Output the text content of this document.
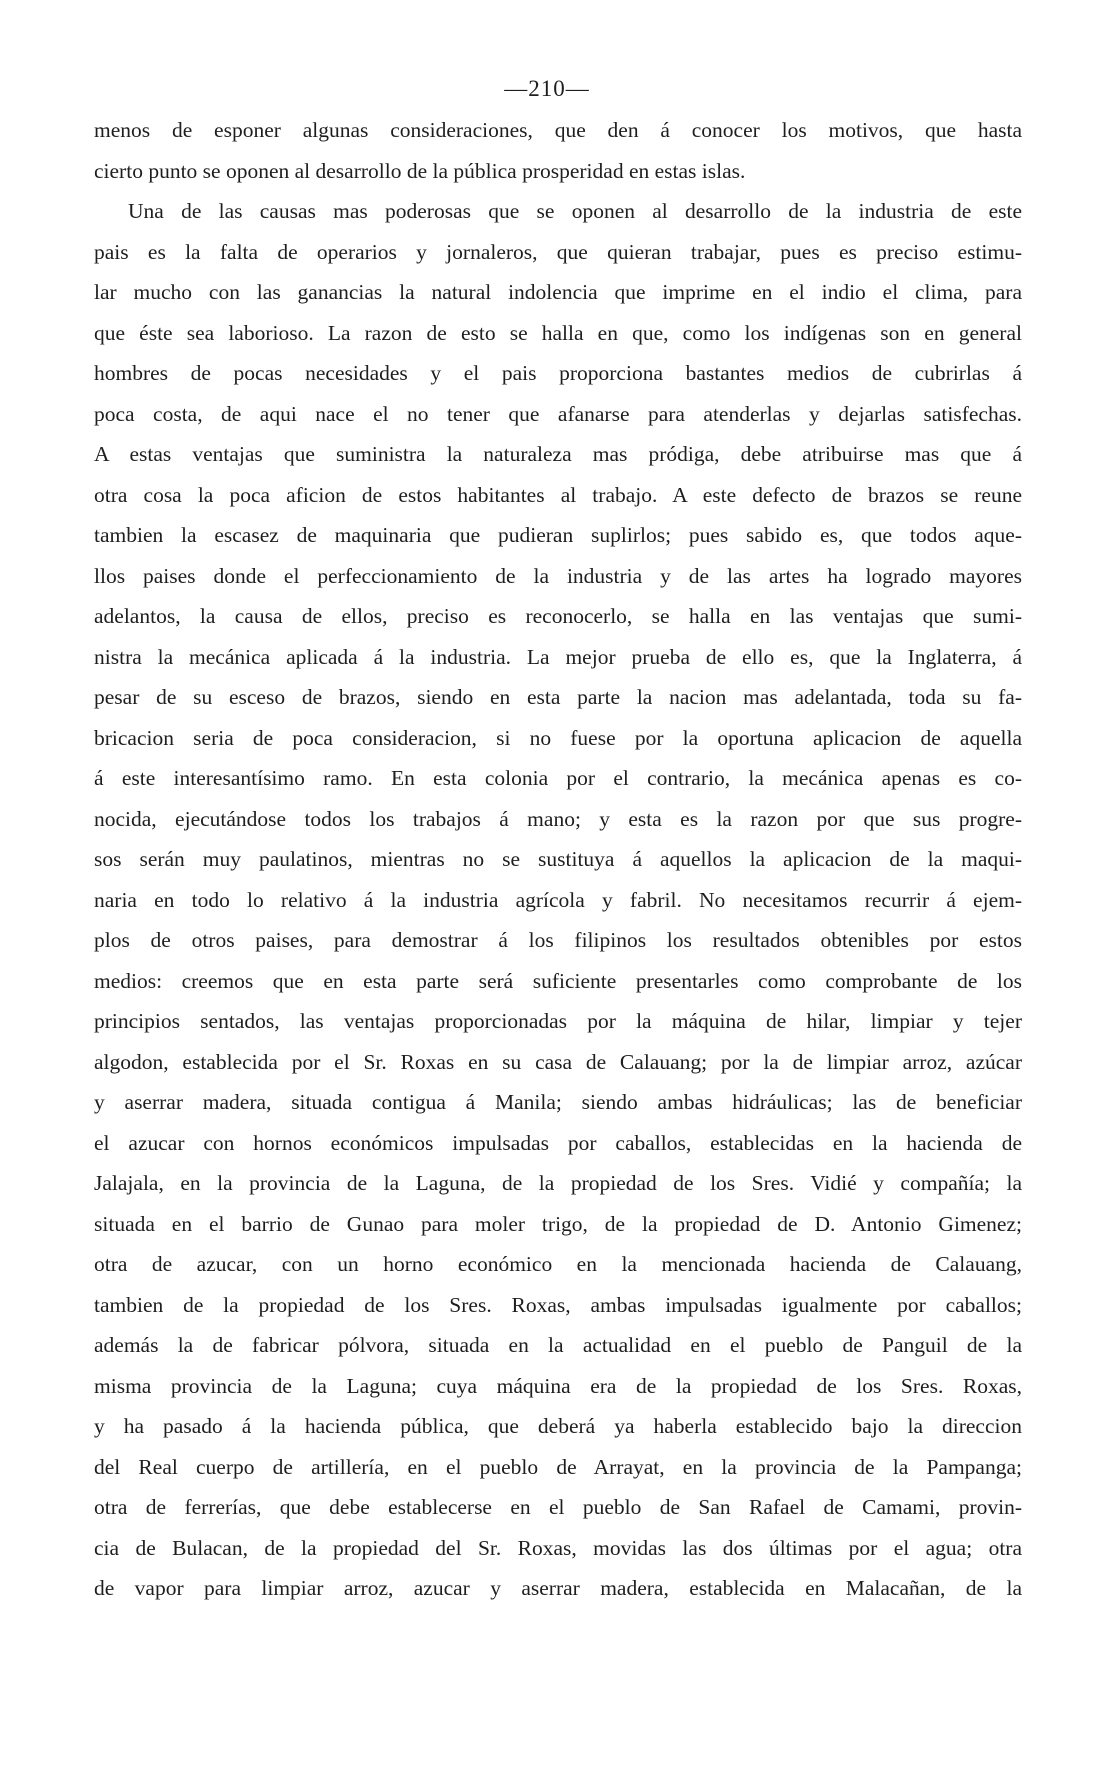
—210—
menos de esponer algunas consideraciones, que den á conocer los motivos, que hasta
cierto punto se oponen al desarrollo de la pública prosperidad en estas islas.
Una de las causas mas poderosas que se oponen al desarrollo de la industria de este
pais es la falta de operarios y jornaleros, que quieran trabajar, pues es preciso estimu-
lar mucho con las ganancias la natural indolencia que imprime en el indio el clima, para
que éste sea laborioso. La razon de esto se halla en que, como los indígenas son en general
hombres de pocas necesidades y el pais proporciona bastantes medios de cubrirlas á
poca costa, de aqui nace el no tener que afanarse para atenderlas y dejarlas satisfechas.
A estas ventajas que suministra la naturaleza mas pródiga, debe atribuirse mas que á
otra cosa la poca aficion de estos habitantes al trabajo. A este defecto de brazos se reune
tambien la escasez de maquinaria que pudieran suplirlos; pues sabido es, que todos aque-
llos paises donde el perfeccionamiento de la industria y de las artes ha logrado mayores
adelantos, la causa de ellos, preciso es reconocerlo, se halla en las ventajas que sumi-
nistra la mecánica aplicada á la industria. La mejor prueba de ello es, que la Inglaterra, á
pesar de su esceso de brazos, siendo en esta parte la nacion mas adelantada, toda su fa-
bricacion seria de poca consideracion, si no fuese por la oportuna aplicacion de aquella
á este interesantísimo ramo. En esta colonia por el contrario, la mecánica apenas es co-
nocida, ejecutándose todos los trabajos á mano; y esta es la razon por que sus progre-
sos serán muy paulatinos, mientras no se sustituya á aquellos la aplicacion de la maqui-
naria en todo lo relativo á la industria agrícola y fabril. No necesitamos recurrir á ejem-
plos de otros paises, para demostrar á los filipinos los resultados obtenibles por estos
medios: creemos que en esta parte será suficiente presentarles como comprobante de los
principios sentados, las ventajas proporcionadas por la máquina de hilar, limpiar y tejer
algodon, establecida por el Sr. Roxas en su casa de Calauang; por la de limpiar arroz, azúcar
y aserrar madera, situada contigua á Manila; siendo ambas hidráulicas; las de beneficiar
el azucar con hornos económicos impulsadas por caballos, establecidas en la hacienda de
Jalajala, en la provincia de la Laguna, de la propiedad de los Sres. Vidié y compañía; la
situada en el barrio de Gunao para moler trigo, de la propiedad de D. Antonio Gimenez;
otra de azucar, con un horno económico en la mencionada hacienda de Calauang,
tambien de la propiedad de los Sres. Roxas, ambas impulsadas igualmente por caballos;
además la de fabricar pólvora, situada en la actualidad en el pueblo de Panguil de la
misma provincia de la Laguna; cuya máquina era de la propiedad de los Sres. Roxas,
y ha pasado á la hacienda pública, que deberá ya haberla establecido bajo la direccion
del Real cuerpo de artillería, en el pueblo de Arrayat, en la provincia de la Pampanga;
otra de ferrerías, que debe establecerse en el pueblo de San Rafael de Camami, provin-
cia de Bulacan, de la propiedad del Sr. Roxas, movidas las dos últimas por el agua; otra
de vapor para limpiar arroz, azucar y aserrar madera, establecida en Malacañan, de la
